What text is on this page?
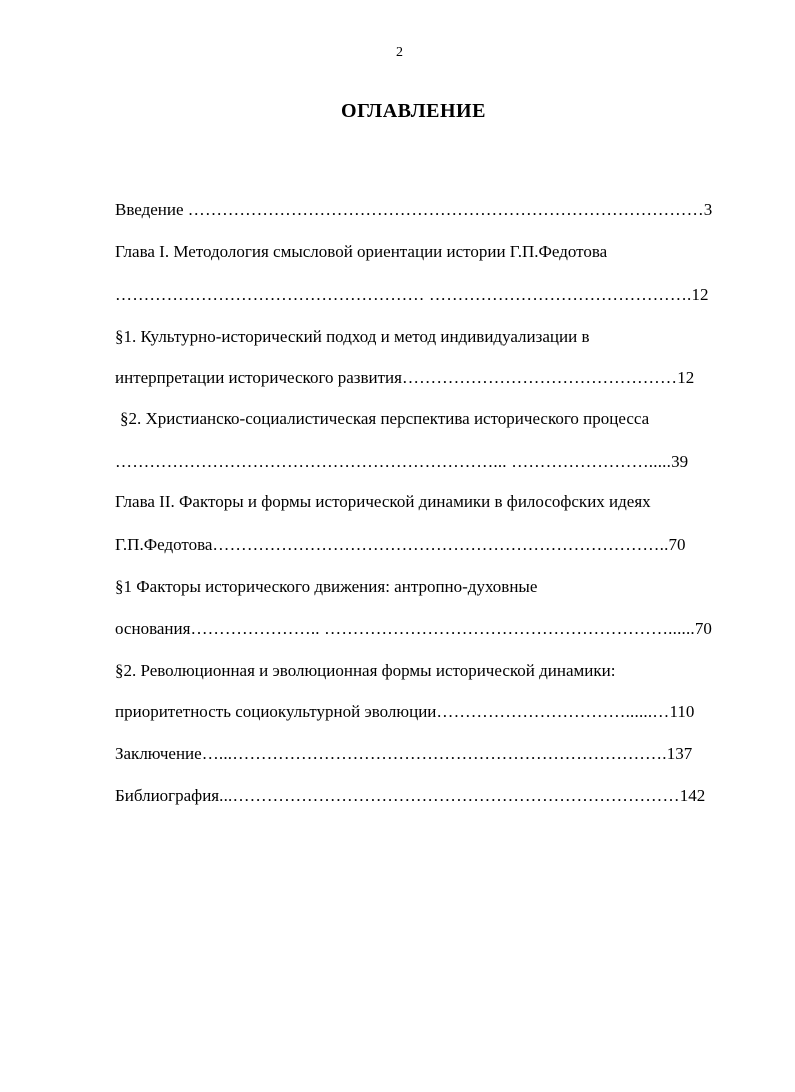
2
ОГЛАВЛЕНИЕ
Введение ………………………………………………………………………………3
Глава I. Методология смысловой ориентации истории Г.П.Федотова
……………………………………………… ……………………………………….12
§1. Культурно-исторический подход и метод индивидуализации в
интерпретации исторического развития…………………………………………12
§2. Христианско-социалистическая перспектива исторического процесса
…………………………………………………………... …………………….....39
Глава II. Факторы и формы исторической динамики в философских идеях
Г.П.Федотова……………………………………………………………………..70
§1 Факторы исторического движения: антропно-духовные
основания………………….. ……………………………………………………......70
§2. Революционная и эволюционная формы исторической динамики:
приоритетность социокультурной эволюции……………………………......…110
Заключение…...………………………………………………………………….137
Библиография...……………………………………………………………………142
